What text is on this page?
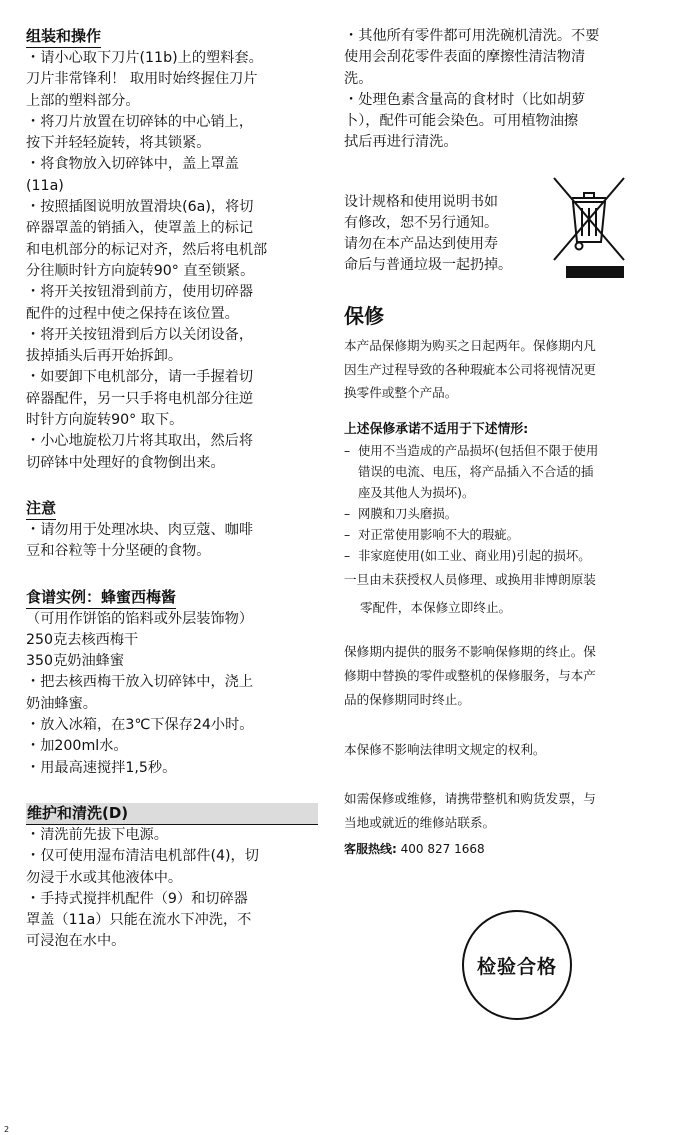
组装和操作

・请小心取下刀片(11b)上的塑料套。

刀片非常锋利！ 取用时始终握住刀片

上部的塑料部分。

・将刀片放置在切碎钵的中心销上，

按下并轻轻旋转，将其锁紧。

・将食物放入切碎钵中，盖上罩盖

(11a)

・按照插图说明放置滑块(6a)，将切

碎器罩盖的销插入，使罩盖上的标记

和电机部分的标记对齐，然后将电机部

分往顺时针方向旋转90° 直至锁紧。

・将开关按钮滑到前方，使用切碎器

配件的过程中使之保持在该位置。

・将开关按钮滑到后方以关闭设备，

拔掉插头后再开始拆卸。

・如要卸下电机部分，请一手握着切

碎器配件，另一只手将电机部分往逆

时针方向旋转90° 取下。

・小心地旋松刀片将其取出，然后将

切碎钵中处理好的食物倒出来。

注意

・请勿用于处理冰块、肉豆蔻、咖啡

豆和谷粒等十分坚硬的食物。

食谱实例：蜂蜜西梅酱

（可用作饼馅的馅料或外层装饰物）

250克去核西梅干

350克奶油蜂蜜

・把去核西梅干放入切碎钵中，浇上

奶油蜂蜜。

・放入冰箱，在3℃下保存24小时。

・加200ml水。

・用最高速搅拌1,5秒。

维护和清洗(D)

・清洗前先拔下电源。

・仅可使用湿布清洁电机部件(4)，切

勿浸于水或其他液体中。

・手持式搅拌机配件（9）和切碎器

罩盖（11a）只能在流水下冲洗，不

可浸泡在水中。

・其他所有零件都可用洗碗机清洗。不要

使用会刮花零件表面的摩擦性清洁物清

洗。

・处理色素含量高的食材时（比如胡萝

卜），配件可能会染色。可用植物油擦

拭后再进行清洗。

设计规格和使用说明书如

有修改，恕不另行通知。

请勿在本产品达到使用寿

命后与普通垃圾一起扔掉。

保修

本产品保修期为购买之日起两年。保修期内凡

因生产过程导致的各种瑕疵本公司将视情况更

换零件或整个产品。

上述保修承诺不适用于下述情形:

– 使用不当造成的产品损坏(包括但不限于使用
错误的电流、电压，将产品插入不合适的插
座及其他人为损坏)。
– 网膜和刀头磨损。
– 对正常使用影响不大的瑕疵。
– 非家庭使用(如工业、商业用)引起的损坏。

一旦由未获授权人员修理、或换用非博朗原装

零配件，本保修立即终止。

保修期内提供的服务不影响保修期的终止。保

修期中替换的零件或整机的保修服务，与本产

品的保修期同时终止。

本保修不影响法律明文规定的权利。

如需保修或维修，请携带整机和购货发票，与

当地或就近的维修站联系。

客服热线: 400 827 1668

检验合格
2
